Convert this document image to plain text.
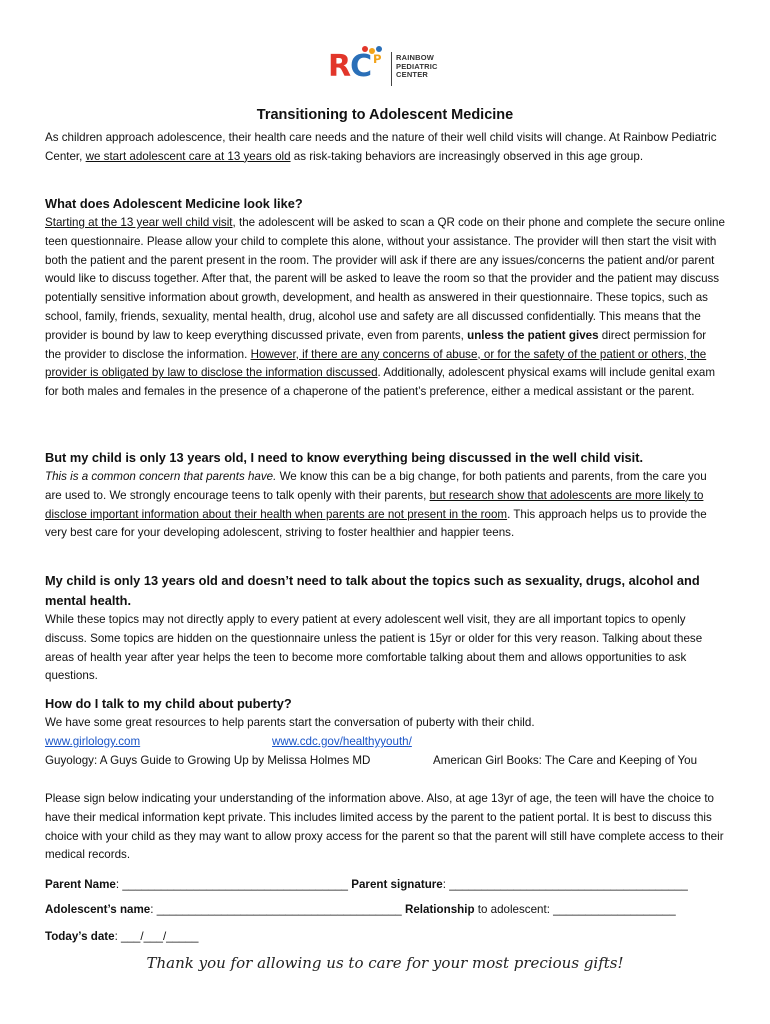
R P
C	RAINBOW
PEDIATRIC
CENTER
Transitioning to Adolescent Medicine

As children approach adolescence, their health care needs and the nature of their well child visits will change. At Rainbow Pediatric Center, we start adolescent care at 13 years old as risk-taking behaviors are increasingly observed in this age group.

What does Adolescent Medicine look like?

Starting at the 13 year well child visit, the adolescent will be asked to scan a QR code on their phone and complete the secure online teen questionnaire. Please allow your child to complete this alone, without your assistance. The provider will then start the visit with both the patient and the parent present in the room. The provider will ask if there are any issues/concerns the patient and/or parent would like to discuss together. After that, the parent will be asked to leave the room so that the provider and the patient may discuss potentially sensitive information about growth, development, and health as answered in their questionnaire. These topics, such as school, family, friends, sexuality, mental health, drug, alcohol use and safety are all discussed confidentially. This means that the provider is bound by law to keep everything discussed private, even from parents, unless the patient gives direct permission for the provider to disclose the information. However, if there are any concerns of abuse, or for the safety of the patient or others, the provider is obligated by law to disclose the information discussed. Additionally, adolescent physical exams will include genital exam for both males and females in the presence of a chaperone of the patient’s preference, either a medical assistant or the parent.

But my child is only 13 years old, I need to know everything being discussed in the well child visit.

This is a common concern that parents have. We know this can be a big change, for both patients and parents, from the care you are used to. We strongly encourage teens to talk openly with their parents, but research show that adolescents are more likely to disclose important information about their health when parents are not present in the room. This approach helps us to provide the very best care for your developing adolescent, striving to foster healthier and happier teens.

My child is only 13 years old and doesn’t need to talk about the topics such as sexuality, drugs, alcohol and mental health.

While these topics may not directly apply to every patient at every adolescent well visit, they are all important topics to openly discuss. Some topics are hidden on the questionnaire unless the patient is 15yr or older for this very reason. Talking about these areas of health year after year helps the teen to become more comfortable talking about them and allows opportunities to ask questions.

How do I talk to my child about puberty?

We have some great resources to help parents start the conversation of puberty with their child.

www.girlology.com	www.cdc.gov/healthyyouth/
Guyology: A Guys Guide to Growing Up by Melissa Holmes MD	American Girl Books: The Care and Keeping of You

Please sign below indicating your understanding of the information above. Also, at age 13yr of age, the teen will have the choice to have their medical information kept private. This includes limited access by the parent to the patient portal. It is best to discuss this choice with your child as they may want to allow proxy access for the parent so that the parent will still have complete access to their medical records.

Parent Name: ___________________________________ Parent signature: _____________________________________
Adolescent’s name: ______________________________________ Relationship to adolescent: ___________________
Today’s date: ___/___/_____
Thank you for allowing us to care for your most precious gifts!
